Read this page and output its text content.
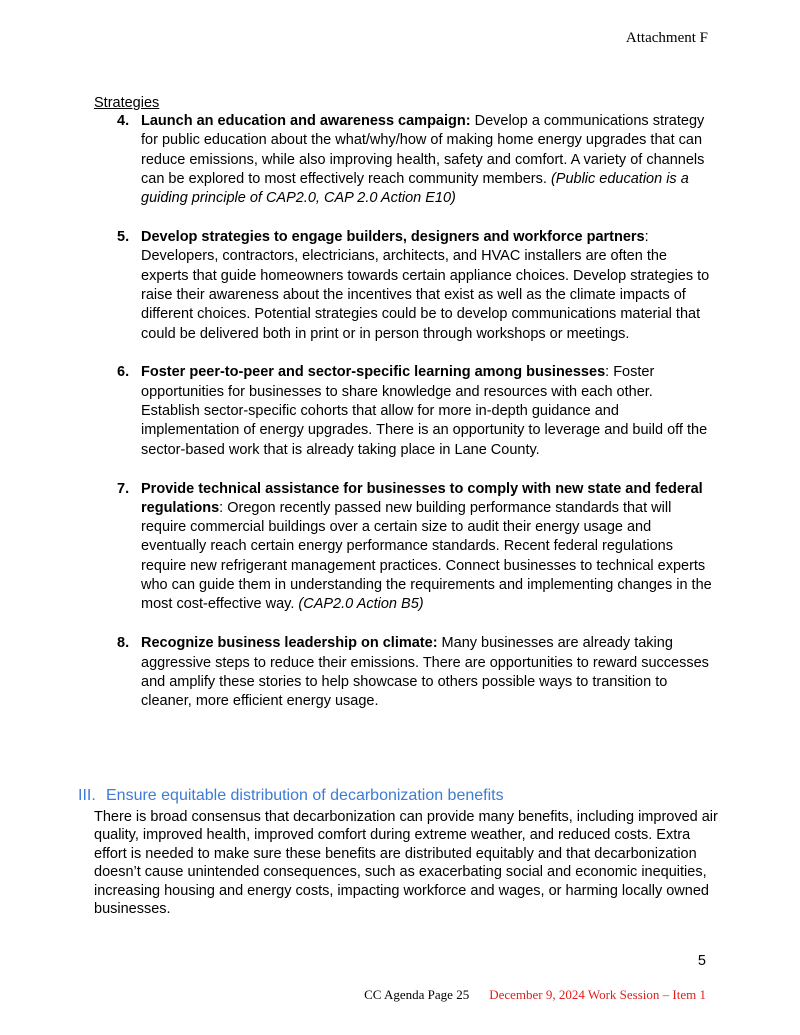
Attachment F
Strategies
4. Launch an education and awareness campaign: Develop a communications strategy for public education about the what/why/how of making home energy upgrades that can reduce emissions, while also improving health, safety and comfort. A variety of channels can be explored to most effectively reach community members. (Public education is a guiding principle of CAP2.0, CAP 2.0 Action E10)
5. Develop strategies to engage builders, designers and workforce partners: Developers, contractors, electricians, architects, and HVAC installers are often the experts that guide homeowners towards certain appliance choices. Develop strategies to raise their awareness about the incentives that exist as well as the climate impacts of different choices. Potential strategies could be to develop communications material that could be delivered both in print or in person through workshops or meetings.
6. Foster peer-to-peer and sector-specific learning among businesses: Foster opportunities for businesses to share knowledge and resources with each other. Establish sector-specific cohorts that allow for more in-depth guidance and implementation of energy upgrades. There is an opportunity to leverage and build off the sector-based work that is already taking place in Lane County.
7. Provide technical assistance for businesses to comply with new state and federal regulations: Oregon recently passed new building performance standards that will require commercial buildings over a certain size to audit their energy usage and eventually reach certain energy performance standards. Recent federal regulations require new refrigerant management practices. Connect businesses to technical experts who can guide them in understanding the requirements and implementing changes in the most cost-effective way. (CAP2.0 Action B5)
8. Recognize business leadership on climate: Many businesses are already taking aggressive steps to reduce their emissions. There are opportunities to reward successes and amplify these stories to help showcase to others possible ways to transition to cleaner, more efficient energy usage.
III. Ensure equitable distribution of decarbonization benefits

There is broad consensus that decarbonization can provide many benefits, including improved air quality, improved health, improved comfort during extreme weather, and reduced costs. Extra effort is needed to make sure these benefits are distributed equitably and that decarbonization doesn’t cause unintended consequences, such as exacerbating social and economic inequities, increasing housing and energy costs, impacting workforce and wages, or harming locally owned businesses.

5
CC Agenda Page 25 December 9, 2024 Work Session – Item 1
